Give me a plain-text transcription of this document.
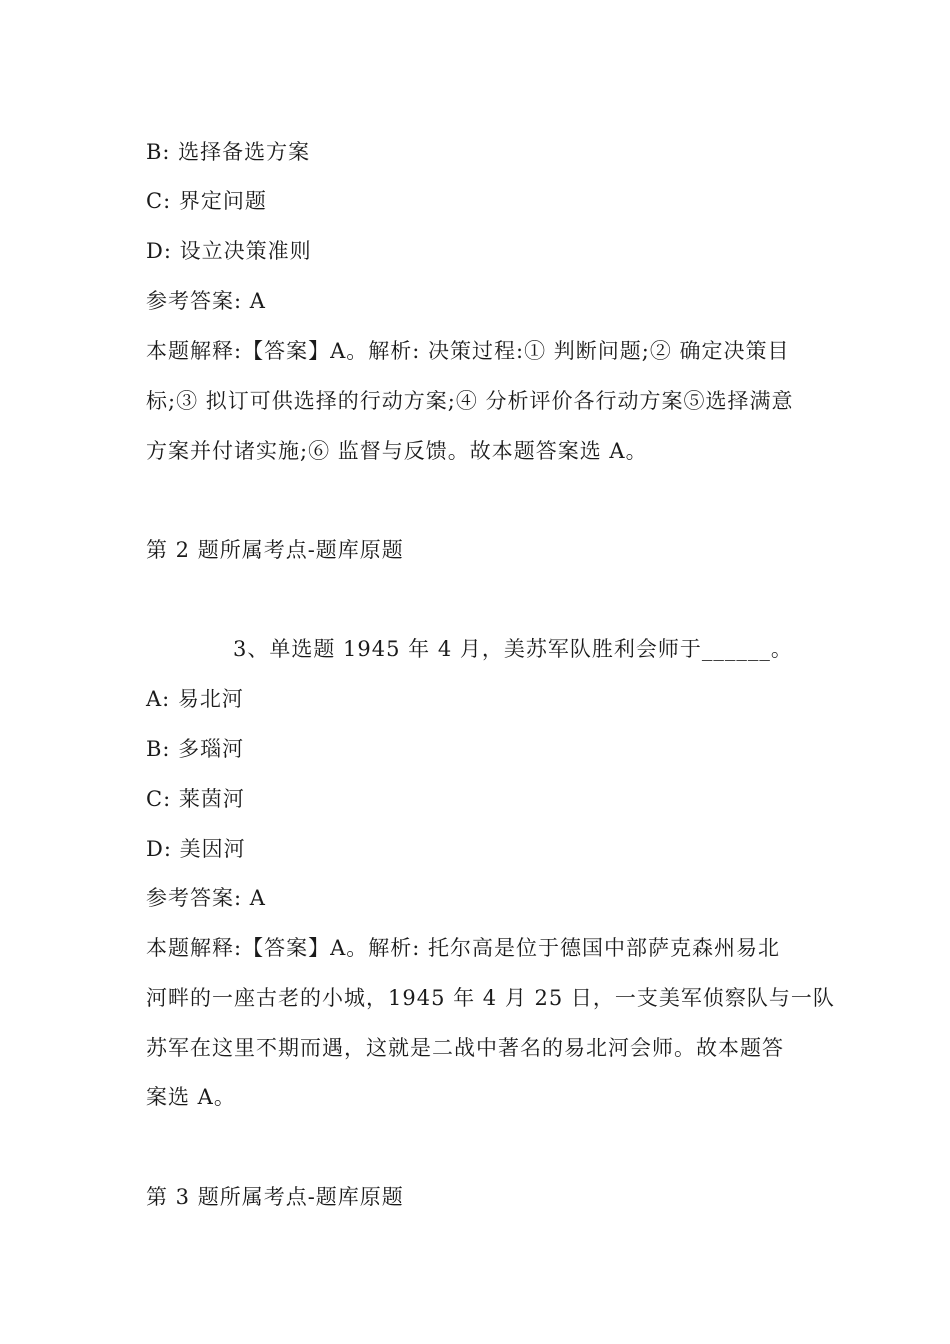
B: 选择备选方案
C: 界定问题
D: 设立决策准则
参考答案: A
本题解释:【答案】A。解析: 决策过程:① 判断问题;② 确定决策目
标;③ 拟订可供选择的行动方案;④ 分析评价各行动方案⑤选择满意
方案并付诸实施;⑥ 监督与反馈。故本题答案选 A。
第 2 题所属考点-题库原题
3、单选题 1945 年 4 月，美苏军队胜利会师于______。
A: 易北河
B: 多瑙河
C: 莱茵河
D: 美因河
参考答案: A
本题解释:【答案】A。解析: 托尔高是位于德国中部萨克森州易北
河畔的一座古老的小城，1945 年 4 月 25 日，一支美军侦察队与一队
苏军在这里不期而遇，这就是二战中著名的易北河会师。故本题答
案选 A。
第 3 题所属考点-题库原题
